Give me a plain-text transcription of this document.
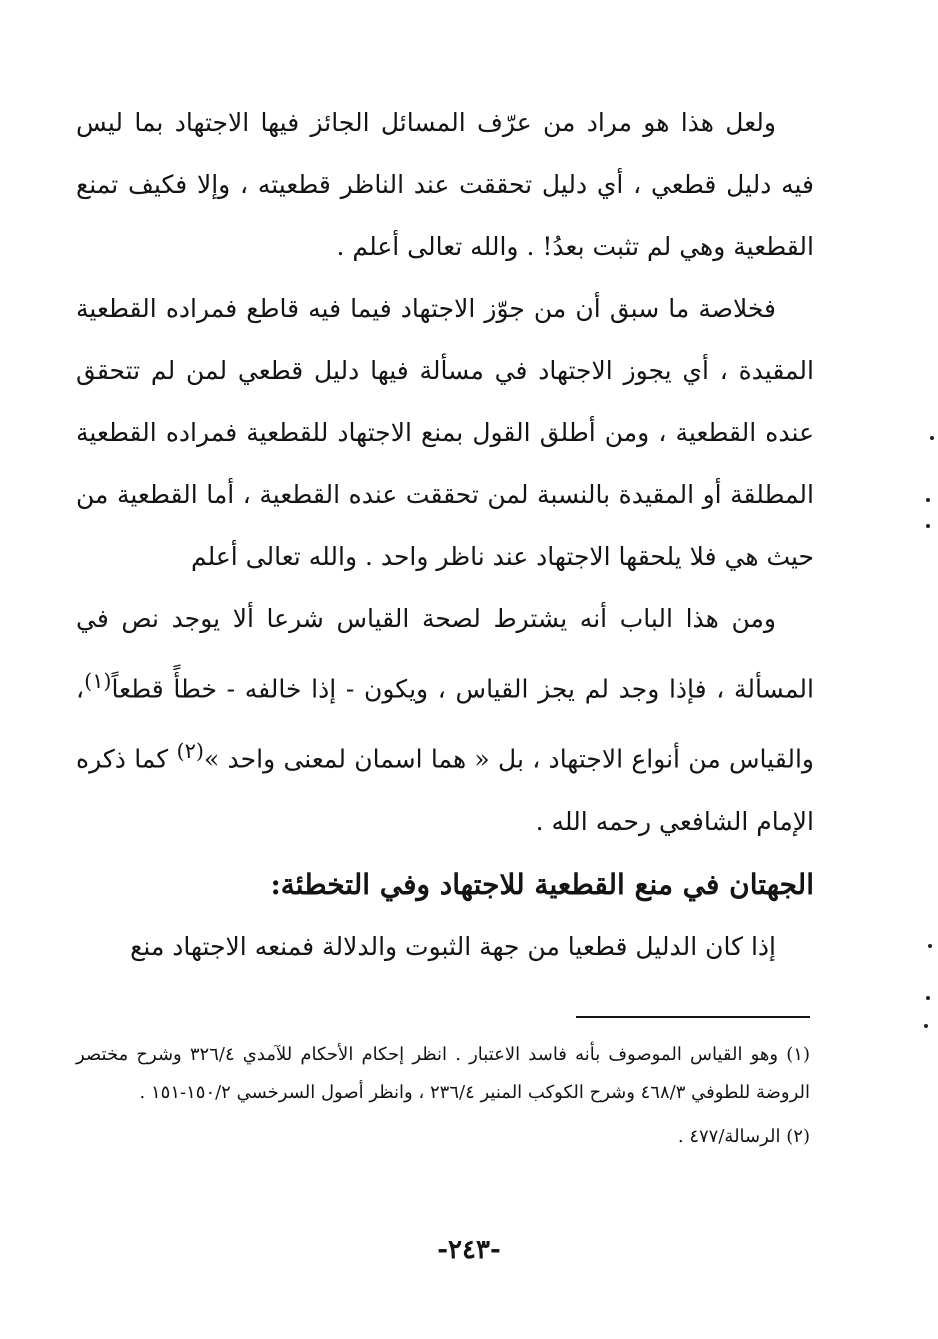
ولعل هذا هو مراد من عرّف المسائل الجائز فيها الاجتهاد بما ليس فيه دليل قطعي ، أي دليل تحققت عند الناظر قطعيته ، وإلا فكيف تمنع القطعية وهي لم تثبت بعدُ! . والله تعالى أعلم .

فخلاصة ما سبق أن من جوّز الاجتهاد فيما فيه قاطع فمراده القطعية المقيدة ، أي يجوز الاجتهاد في مسألة فيها دليل قطعي لمن لم تتحقق عنده القطعية ، ومن أطلق القول بمنع الاجتهاد للقطعية فمراده القطعية المطلقة أو المقيدة بالنسبة لمن تحققت عنده القطعية ، أما القطعية من حيث هي فلا يلحقها الاجتهاد عند ناظر واحد . والله تعالى أعلم

ومن هذا الباب أنه يشترط لصحة القياس شرعا ألا يوجد نص في المسألة ، فإذا وجد لم يجز القياس ، ويكون - إذا خالفه - خطأً قطعاً$^{(١)}$، والقياس من أنواع الاجتهاد ، بل « هما اسمان لمعنى واحد »$^{(٢)}$ كما ذكره الإمام الشافعي رحمه الله .

الجهتان في منع القطعية للاجتهاد وفي التخطئة:

إذا كان الدليل قطعيا من جهة الثبوت والدلالة فمنعه الاجتهاد منع

(١) وهو القياس الموصوف بأنه فاسد الاعتبار . انظر إحكام الأحكام للآمدي ٣٢٦/٤ وشرح مختصر الروضة للطوفي ٤٦٨/٣ وشرح الكوكب المنير ٢٣٦/٤ ، وانظر أصول السرخسي ١٥٠/٢-١٥١ .

(٢) الرسالة/٤٧٧ .

-٢٤٣-
